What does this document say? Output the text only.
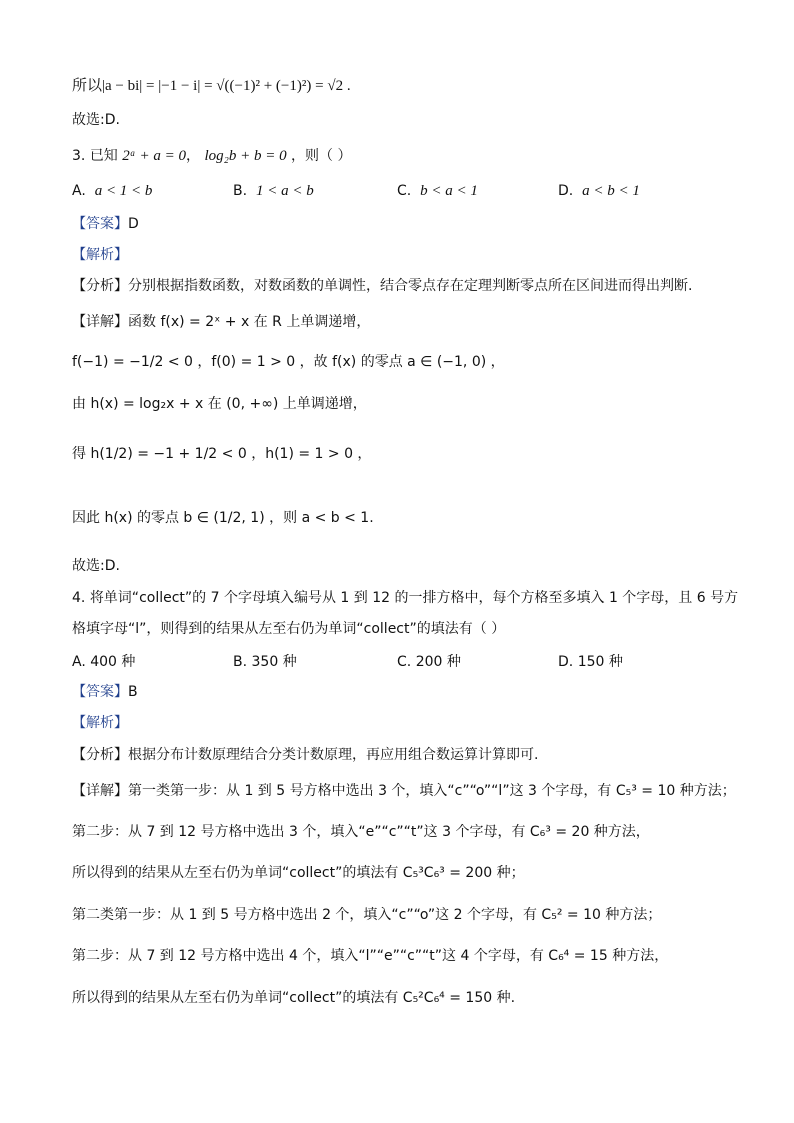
所以|a − bi| = |−1 − i| = √((−1)² + (−1)²) = √2 .
故选:D.
3. 已知 2ᵃ + a = 0， log₂b + b = 0 ，则（ ）
A. a < 1 < b	B. 1 < a < b	C. b < a < 1	D. a < b < 1
【答案】D
【解析】
【分析】分别根据指数函数，对数函数的单调性，结合零点存在定理判断零点所在区间进而得出判断.
【详解】函数 f(x) = 2ˣ + x 在 R 上单调递增，
f(−1) = −1/2 < 0 ，f(0) = 1 > 0 ，故 f(x) 的零点 a ∈ (−1, 0) ，
由 h(x) = log₂x + x 在 (0, +∞) 上单调递增，
得 h(1/2) = −1 + 1/2 < 0 ，h(1) = 1 > 0 ，
因此 h(x) 的零点 b ∈ (1/2, 1) ，则 a < b < 1.
故选:D.
4. 将单词“collect”的 7 个字母填入编号从 1 到 12 的一排方格中，每个方格至多填入 1 个字母，且 6 号方
格填字母“l”，则得到的结果从左至右仍为单词“collect”的填法有（ ）
A. 400 种	B. 350 种	C. 200 种	D. 150 种
【答案】B
【解析】
【分析】根据分布计数原理结合分类计数原理，再应用组合数运算计算即可.
【详解】第一类第一步：从 1 到 5 号方格中选出 3 个，填入“c”“o”“l”这 3 个字母，有 C₅³ = 10 种方法；
第二步：从 7 到 12 号方格中选出 3 个，填入“e”“c”“t”这 3 个字母，有 C₆³ = 20 种方法，
所以得到的结果从左至右仍为单词“collect”的填法有 C₅³C₆³ = 200 种；
第二类第一步：从 1 到 5 号方格中选出 2 个，填入“c”“o”这 2 个字母，有 C₅² = 10 种方法；
第二步：从 7 到 12 号方格中选出 4 个，填入“l”“e”“c”“t”这 4 个字母，有 C₆⁴ = 15 种方法，
所以得到的结果从左至右仍为单词“collect”的填法有 C₅²C₆⁴ = 150 种.
